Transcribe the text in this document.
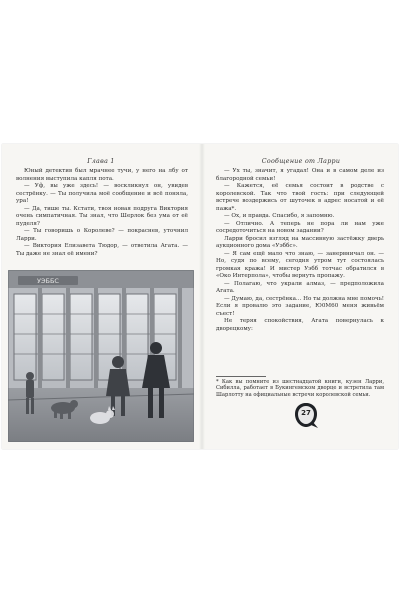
Глава 1

Юный детектив был мрачнее тучи, у него на лбу от волнения выступила капля пота.

— Уф, вы уже здесь! — воскликнул он, увидев сестрёнку. — Ты получила моё сообщение и всё поняла, ура!

— Да, тише ты. Кстати, твоя новая подруга Виктория очень симпатичная. Ты знал, что Шерлок без ума от её пуделя?

— Ты говоришь о Королеве? — покраснев, уточнил Ларри.

— Виктория Елизавета Тюдор, — ответила Агата. — Ты даже не знал её имени?

УЭББС
Сообщение от Ларри

— Ух ты, значит, я угадал! Она и в самом деле из благородной семьи!

— Кажется, её семья состоит в родстве с королевской. Так что твой гость: при следующей встрече воздержись от шуточек в адрес носатой и её пажа*.

— Ох, и правда. Спасибо, я запомню.

— Отлично. А теперь не пора ли нам уже сосредоточиться на новом задании?

Ларри бросил взгляд на массивную застёжку дверь аукционного дома «Уэббс».

— Я сам ещё мало что знаю, — занервничал он. — Но, судя по всему, сегодня утром тут состоялась громкая кража! И мистер Уэбб тотчас обратился в «Око Интерпола», чтобы вернуть пропажу.

— Полагаю, что украли алмаз, — предположила Агата.

— Думаю, да, сестрёнка... Но ты должна мне помочь! Если я провалю это задание, Ю0М60 меня живьём съест!

Не теряя спокойствия, Агата повернулась к дворецкому:

* Как вы помните из шестнадцатой книги, кузен Ларри, Сибилла, работает в Букингемском дворце и встретила там Шарлотту на официальные встречи королевской семьи.

27
